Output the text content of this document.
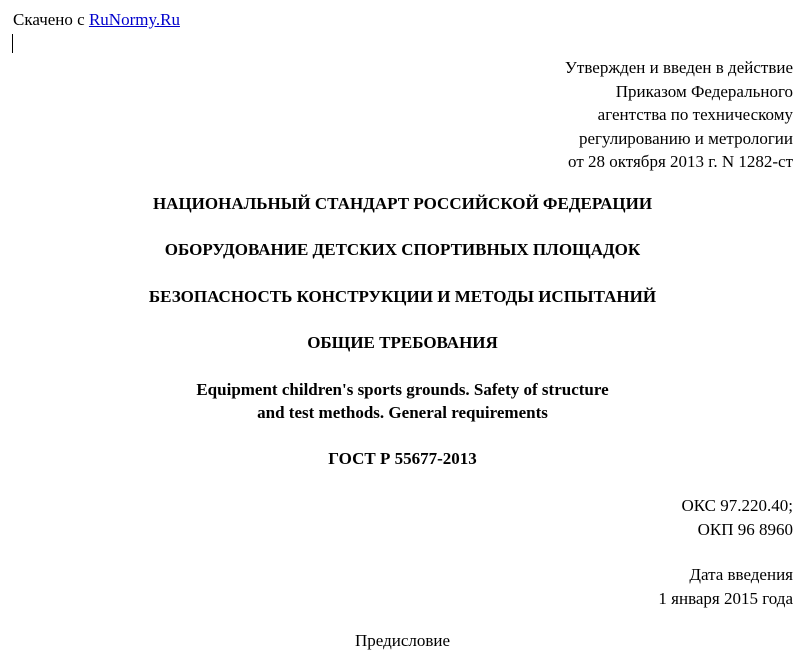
Скачено с RuNormy.Ru
Утвержден и введен в действие
Приказом Федерального
агентства по техническому
регулированию и метрологии
от 28 октября 2013 г. N 1282-ст
НАЦИОНАЛЬНЫЙ СТАНДАРТ РОССИЙСКОЙ ФЕДЕРАЦИИ
ОБОРУДОВАНИЕ ДЕТСКИХ СПОРТИВНЫХ ПЛОЩАДОК
БЕЗОПАСНОСТЬ КОНСТРУКЦИИ И МЕТОДЫ ИСПЫТАНИЙ
ОБЩИЕ ТРЕБОВАНИЯ
Equipment children's sports grounds. Safety of structure
and test methods. General requirements
ГОСТ Р 55677-2013
ОКС 97.220.40;
ОКП 96 8960
Дата введения
1 января 2015 года
Предисловие
